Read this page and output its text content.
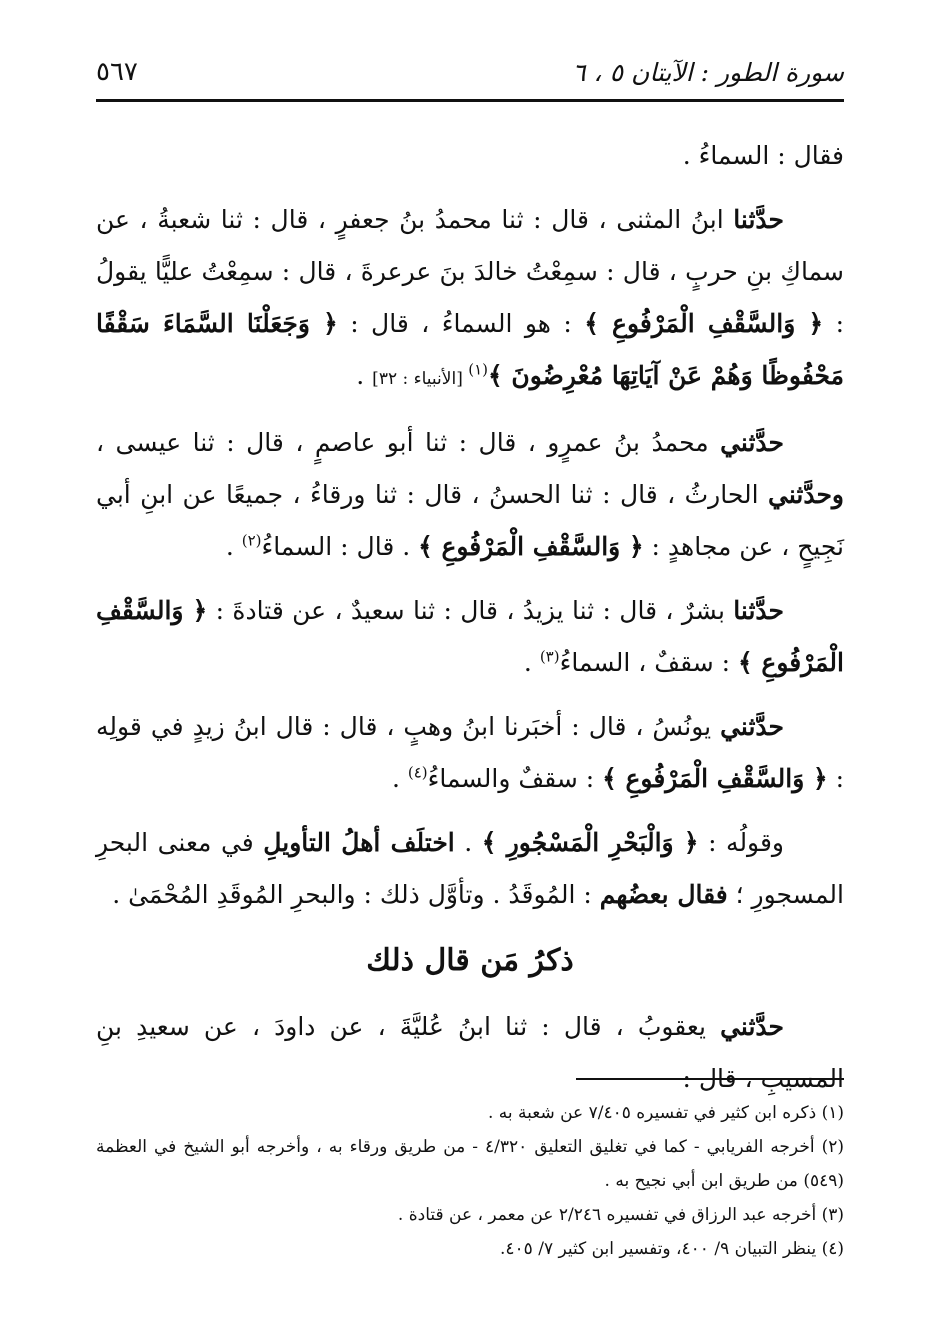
سورة الطور : الآيتان ٥ ، ٦
٥٦٧

فقال : السماءُ .

حدَّثنا ابنُ المثنى ، قال : ثنا محمدُ بنُ جعفرٍ ، قال : ثنا شعبةُ ، عن سماكِ بنِ حربٍ ، قال : سمِعْتُ خالدَ بنَ عرعرةَ ، قال : سمِعْتُ عليًّا يقولُ : ﴿ وَالسَّقْفِ الْمَرْفُوعِ ﴾ : هو السماءُ ، قال : ﴿ وَجَعَلْنَا السَّمَاءَ سَقْفًا مَحْفُوظًا وَهُمْ عَنْ آيَاتِهَا مُعْرِضُونَ ﴾$^{(١)}$ [الأنبياء : ٣٢] .

حدَّثني محمدُ بنُ عمرٍو ، قال : ثنا أبو عاصمٍ ، قال : ثنا عيسى ، وحدَّثني الحارثُ ، قال : ثنا الحسنُ ، قال : ثنا ورقاءُ ، جميعًا عن ابنِ أبي نَجِيحٍ ، عن مجاهدٍ : ﴿ وَالسَّقْفِ الْمَرْفُوعِ ﴾ . قال : السماءُ$^{(٢)}$ .

حدَّثنا بشرٌ ، قال : ثنا يزيدُ ، قال : ثنا سعيدٌ ، عن قتادةَ : ﴿ وَالسَّقْفِ الْمَرْفُوعِ ﴾ : سقفٌ ، السماءُ$^{(٣)}$ .

حدَّثني يونُسُ ، قال : أخبَرنا ابنُ وهبٍ ، قال : قال ابنُ زيدٍ في قولِه : ﴿ وَالسَّقْفِ الْمَرْفُوعِ ﴾ : سقفٌ والسماءُ$^{(٤)}$ .

وقولُه : ﴿ وَالْبَحْرِ الْمَسْجُورِ ﴾ . اختلَف أهلُ التأويلِ في معنى البحرِ المسجورِ ؛ فقال بعضُهم : المُوقَدُ . وتأوَّل ذلك : والبحرِ المُوقَدِ المُحْمَىٰ .

ذكرُ مَن قال ذلك

حدَّثني يعقوبُ ، قال : ثنا ابنُ عُليَّةَ ، عن داودَ ، عن سعيدِ بنِ المسيبِ ، قال :

(١) ذكره ابن كثير في تفسيره ٧/٤٠٥ عن شعبة به .

(٢) أخرجه الفريابي - كما في تغليق التعليق ٤/٣٢٠ - من طريق ورقاء به ، وأخرجه أبو الشيخ في العظمة (٥٤٩) من طريق ابن أبي نجيح به .

(٣) أخرجه عبد الرزاق في تفسيره ٢/٢٤٦ عن معمر ، عن قتادة .

(٤) ينظر التبيان ٩/ ٤٠٠، وتفسير ابن كثير ٧/ ٤٠٥.
